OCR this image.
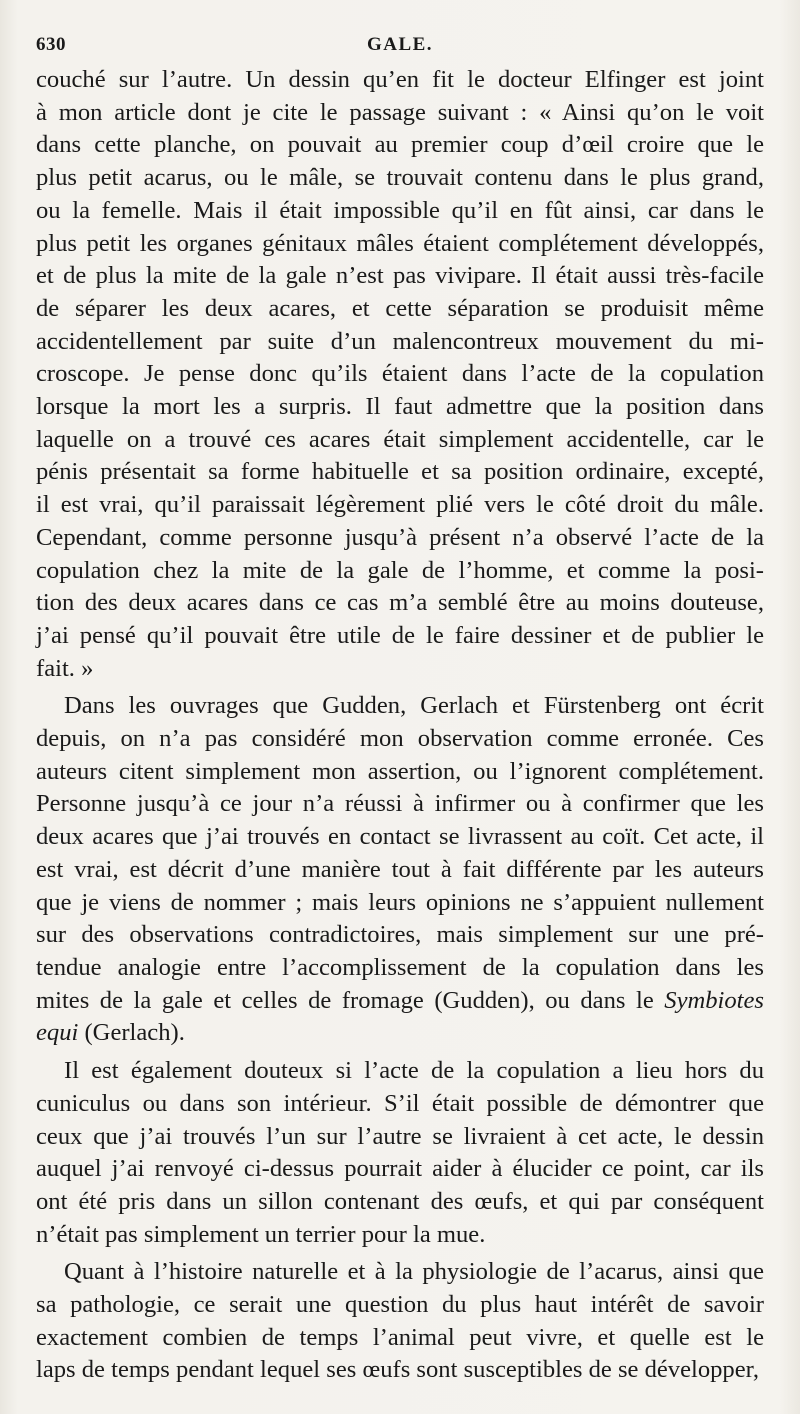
630	GALE.
couché sur l’autre. Un dessin qu’en fit le docteur Elfinger est joint
à mon article dont je cite le passage suivant : « Ainsi qu’on le voit
dans cette planche, on pouvait au premier coup d’œil croire que le
plus petit acarus, ou le mâle, se trouvait contenu dans le plus grand,
ou la femelle. Mais il était impossible qu’il en fût ainsi, car dans le
plus petit les organes génitaux mâles étaient complétement développés,
et de plus la mite de la gale n’est pas vivipare. Il était aussi très-facile
de séparer les deux acares, et cette séparation se produisit même
accidentellement par suite d’un malencontreux mouvement du mi-
croscope. Je pense donc qu’ils étaient dans l’acte de la copulation
lorsque la mort les a surpris. Il faut admettre que la position dans
laquelle on a trouvé ces acares était simplement accidentelle, car le
pénis présentait sa forme habituelle et sa position ordinaire, excepté,
il est vrai, qu’il paraissait légèrement plié vers le côté droit du mâle.
Cependant, comme personne jusqu’à présent n’a observé l’acte de la
copulation chez la mite de la gale de l’homme, et comme la posi-
tion des deux acares dans ce cas m’a semblé être au moins douteuse,
j’ai pensé qu’il pouvait être utile de le faire dessiner et de publier le
fait. »
Dans les ouvrages que Gudden, Gerlach et Fürstenberg ont écrit
depuis, on n’a pas considéré mon observation comme erronée. Ces
auteurs citent simplement mon assertion, ou l’ignorent complétement.
Personne jusqu’à ce jour n’a réussi à infirmer ou à confirmer que les
deux acares que j’ai trouvés en contact se livrassent au coït. Cet acte, il
est vrai, est décrit d’une manière tout à fait différente par les auteurs
que je viens de nommer ; mais leurs opinions ne s’appuient nullement
sur des observations contradictoires, mais simplement sur une pré-
tendue analogie entre l’accomplissement de la copulation dans les
mites de la gale et celles de fromage (Gudden), ou dans le Symbiotes
equi (Gerlach).
Il est également douteux si l’acte de la copulation a lieu hors du
cuniculus ou dans son intérieur. S’il était possible de démontrer que
ceux que j’ai trouvés l’un sur l’autre se livraient à cet acte, le dessin
auquel j’ai renvoyé ci-dessus pourrait aider à élucider ce point, car ils
ont été pris dans un sillon contenant des œufs, et qui par conséquent
n’était pas simplement un terrier pour la mue.
Quant à l’histoire naturelle et à la physiologie de l’acarus, ainsi que
sa pathologie, ce serait une question du plus haut intérêt de savoir
exactement combien de temps l’animal peut vivre, et quelle est le
laps de temps pendant lequel ses œufs sont susceptibles de se développer,
